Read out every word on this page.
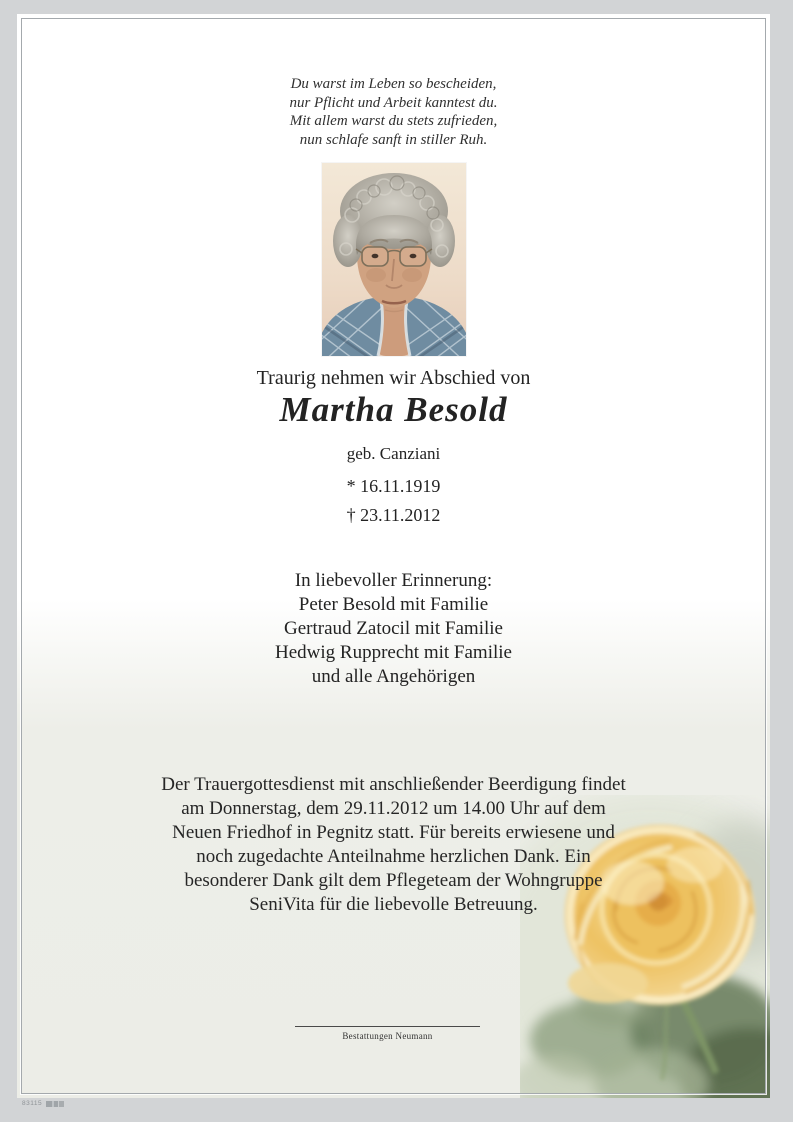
Du warst im Leben so bescheiden,
nur Pflicht und Arbeit kanntest du.
Mit allem warst du stets zufrieden,
nun schlafe sanft in stiller Ruh.
Traurig nehmen wir Abschied von
Martha Besold
geb. Canziani
* 16.11.1919
† 23.11.2012
In liebevoller Erinnerung:
Peter Besold mit Familie
Gertraud Zatocil mit Familie
Hedwig Rupprecht mit Familie
und alle Angehörigen
Der Trauergottesdienst mit anschließender Beerdigung findet
am Donnerstag, dem 29.11.2012 um 14.00 Uhr auf dem
Neuen Friedhof in Pegnitz statt. Für bereits erwiesene und
noch zugedachte Anteilnahme herzlichen Dank. Ein
besonderer Dank gilt dem Pflegeteam der Wohngruppe
SeniVita für die liebevolle Betreuung.
Bestattungen Neumann
83115
